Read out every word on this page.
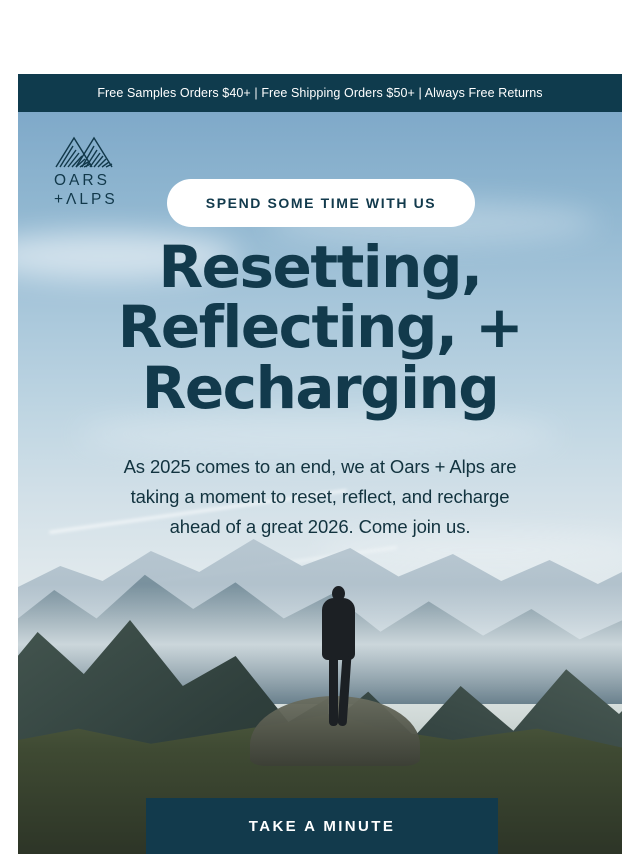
Free Samples Orders $40+ | Free Shipping Orders $50+ | Always Free Returns
OARS
+ΛLPS	SPEND SOME TIME WITH US
Resetting,
Reflecting, +
Recharging
As 2025 comes to an end, we at Oars + Alps are
taking a moment to reset, reflect, and recharge
ahead of a great 2026. Come join us.
TAKE A MINUTE
